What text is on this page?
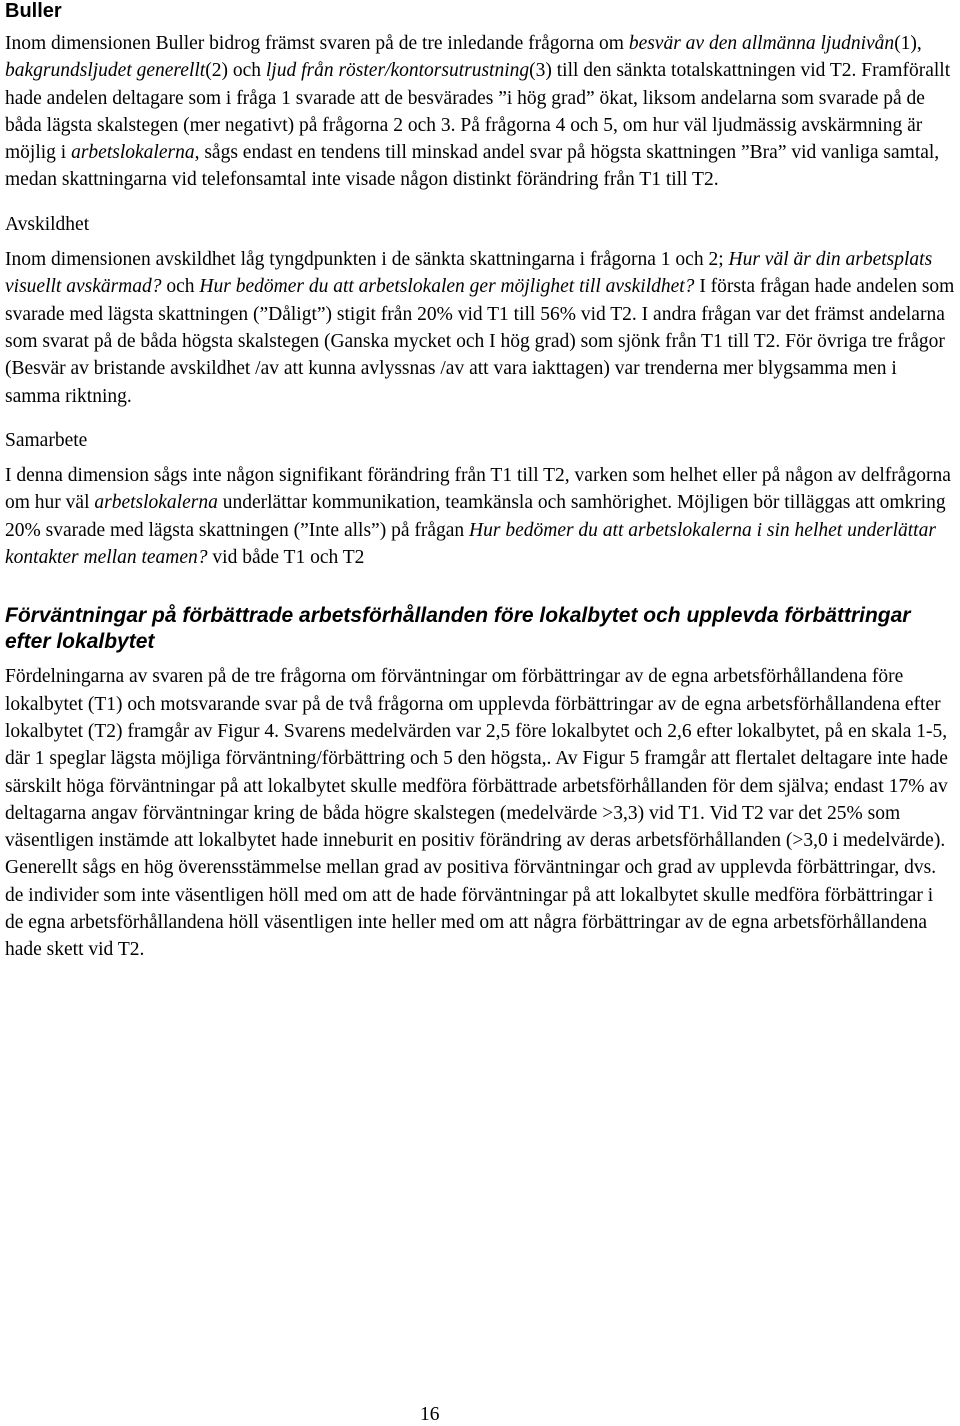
Buller

Inom dimensionen Buller bidrog främst svaren på de tre inledande frågorna om besvär av den allmänna ljudnivån(1), bakgrundsljudet generellt(2) och ljud från röster/kontorsutrustning(3) till den sänkta totalskattningen vid T2. Framförallt hade andelen deltagare som i fråga 1 svarade att de besvärades ”i hög grad” ökat, liksom andelarna som svarade på de båda lägsta skalstegen (mer negativt) på frågorna 2 och 3. På frågorna 4 och 5, om hur väl ljudmässig avskärmning är möjlig i arbetslokalerna, sågs endast en tendens till minskad andel svar på högsta skattningen ”Bra” vid vanliga samtal, medan skattningarna vid telefonsamtal inte visade någon distinkt förändring från T1 till T2.

Avskildhet

Inom dimensionen avskildhet låg tyngdpunkten i de sänkta skattningarna i frågorna 1 och 2; Hur väl är din arbetsplats visuellt avskärmad? och Hur bedömer du att arbetslokalen ger möjlighet till avskildhet? I första frågan hade andelen som svarade med lägsta skattningen (”Dåligt”) stigit från 20% vid T1 till 56% vid T2. I andra frågan var det främst andelarna som svarat på de båda högsta skalstegen (Ganska mycket och I hög grad) som sjönk från T1 till T2. För övriga tre frågor (Besvär av bristande avskildhet /av att kunna avlyssnas /av att vara iakttagen) var trenderna mer blygsamma men i samma riktning.

Samarbete

I denna dimension sågs inte någon signifikant förändring från T1 till T2, varken som helhet eller på någon av delfrågorna om hur väl arbetslokalerna underlättar kommunikation, teamkänsla och samhörighet. Möjligen bör tilläggas att omkring 20% svarade med lägsta skattningen (”Inte alls”) på frågan Hur bedömer du att arbetslokalerna i sin helhet underlättar kontakter mellan teamen? vid både T1 och T2

Förväntningar på förbättrade arbetsförhållanden före lokalbytet och upplevda förbättringar efter lokalbytet

Fördelningarna av svaren på de tre frågorna om förväntningar om förbättringar av de egna arbetsförhållandena före lokalbytet (T1) och motsvarande svar på de två frågorna om upplevda förbättringar av de egna arbetsförhållandena efter lokalbytet (T2) framgår av Figur 4. Svarens medelvärden var 2,5 före lokalbytet och 2,6 efter lokalbytet, på en skala 1-5, där 1 speglar lägsta möjliga förväntning/förbättring och 5 den högsta,. Av Figur 5 framgår att flertalet deltagare inte hade särskilt höga förväntningar på att lokalbytet skulle medföra förbättrade arbetsförhållanden för dem själva; endast 17% av deltagarna angav förväntningar kring de båda högre skalstegen (medelvärde >3,3) vid T1. Vid T2 var det 25% som väsentligen instämde att lokalbytet hade inneburit en positiv förändring av deras arbetsförhållanden (>3,0 i medelvärde). Generellt sågs en hög överensstämmelse mellan grad av positiva förväntningar och grad av upplevda förbättringar, dvs. de individer som inte väsentligen höll med om att de hade förväntningar på att lokalbytet skulle medföra förbättringar i de egna arbetsförhållandena höll väsentligen inte heller med om att några förbättringar av de egna arbetsförhållandena hade skett vid T2.

16
